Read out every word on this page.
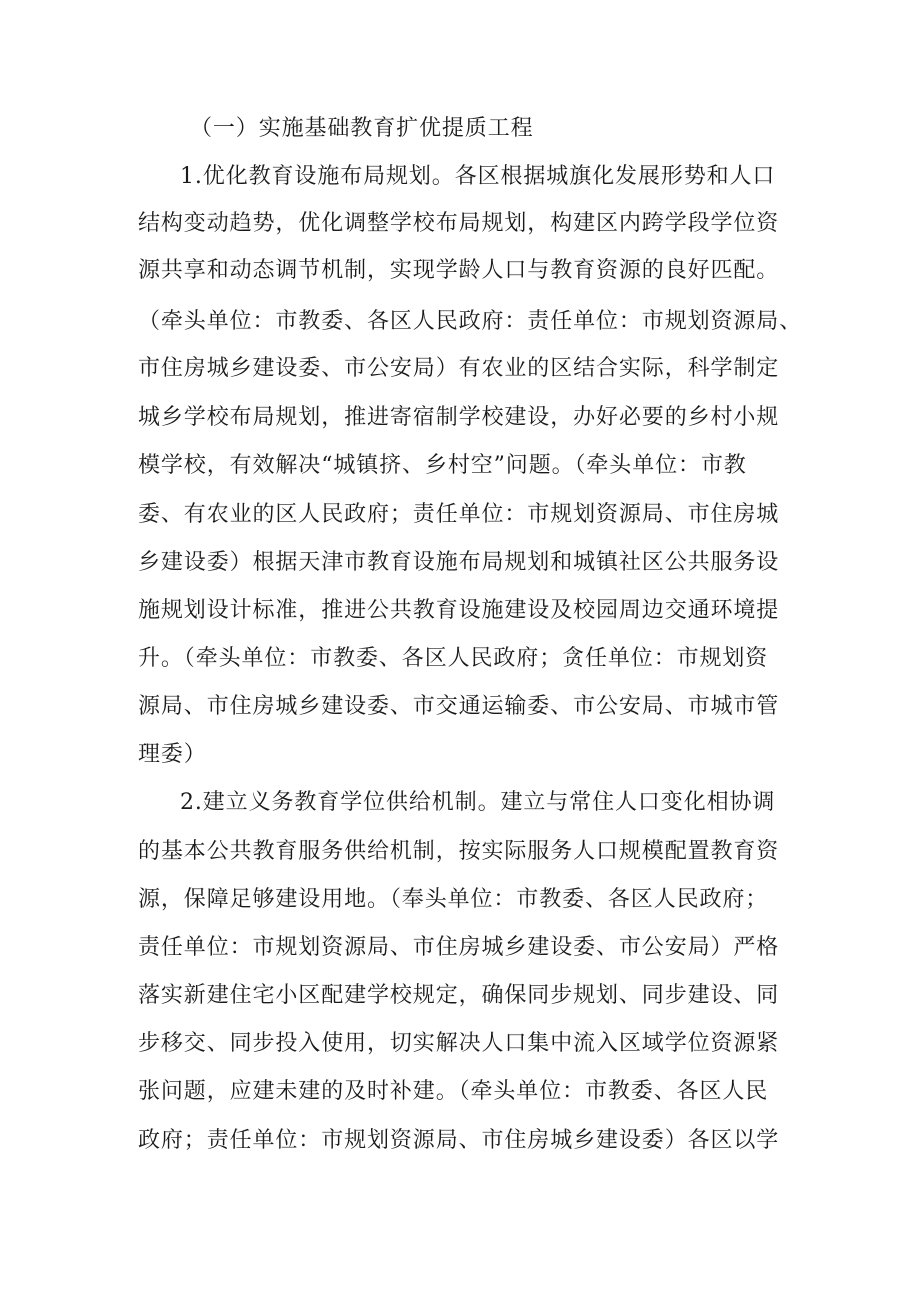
（一）实施基础教育扩优提质工程
1.优化教育设施布局规划。各区根据城旗化发展形势和人口
结构变动趋势，优化调整学校布局规划，构建区内跨学段学位资
源共享和动态调节机制，实现学龄人口与教育资源的良好匹配。
（牵头单位：市教委、各区人民政府：责任单位：市规划资源局、
市住房城乡建设委、市公安局）有农业的区结合实际，科学制定
城乡学校布局规划，推进寄宿制学校建设，办好必要的乡村小规
模学校，有效解决“城镇挤、乡村空”问题。（牵头单位：市教
委、有农业的区人民政府；责任单位：市规划资源局、市住房城
乡建设委）根据天津市教育设施布局规划和城镇社区公共服务设
施规划设计标准，推进公共教育设施建设及校园周边交通环境提
升。（牵头单位：市教委、各区人民政府；贪任单位：市规划资
源局、市住房城乡建设委、市交通运输委、市公安局、市城市管
理委）
2.建立义务教育学位供给机制。建立与常住人口变化相协调
的基本公共教育服务供给机制，按实际服务人口规模配置教育资
源，保障足够建设用地。（奉头单位：市教委、各区人民政府；
责任单位：市规划资源局、市住房城乡建设委、市公安局）严格
落实新建住宅小区配建学校规定，确保同步规划、同步建设、同
步移交、同步投入使用，切实解决人口集中流入区域学位资源紧
张问题，应建未建的及时补建。（牵头单位：市教委、各区人民
政府；责任单位：市规划资源局、市住房城乡建设委）各区以学
